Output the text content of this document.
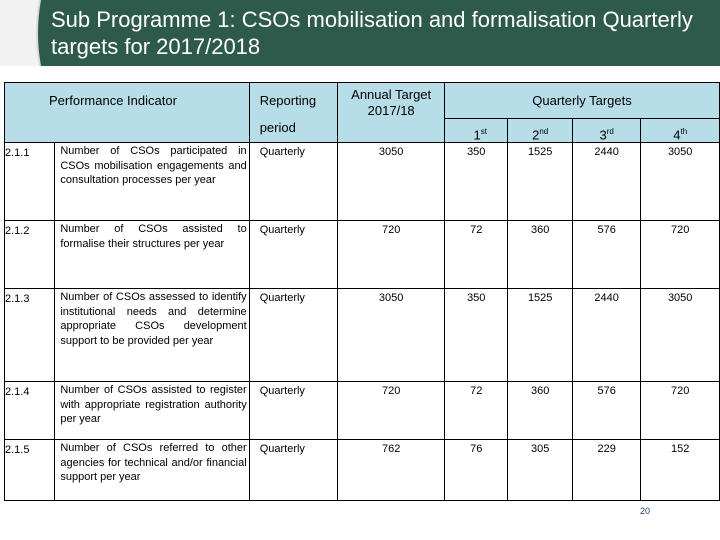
Sub Programme 1: CSOs mobilisation and formalisation Quarterly targets for 2017/2018
Performance Indicator		Reporting
period	Annual Target 2017/18	Quarterly Targets			
				1st	2nd	3rd	4th
2.1.1	Number of CSOs participated in CSOs mobilisation engagements and consultation processes per year	Quarterly	3050	350	1525	2440	3050
2.1.2	Number of CSOs assisted to formalise their structures per year	Quarterly	720	72	360	576	720
2.1.3	Number of CSOs assessed to identify institutional needs and determine appropriate CSOs development support to be provided per year	Quarterly	3050	350	1525	2440	3050
2.1.4	Number of CSOs assisted to register with appropriate registration authority per year	Quarterly	720	72	360	576	720
2.1.5	Number of CSOs referred to other agencies for technical and/or financial support per year	Quarterly	762	76	305	229	152
20
